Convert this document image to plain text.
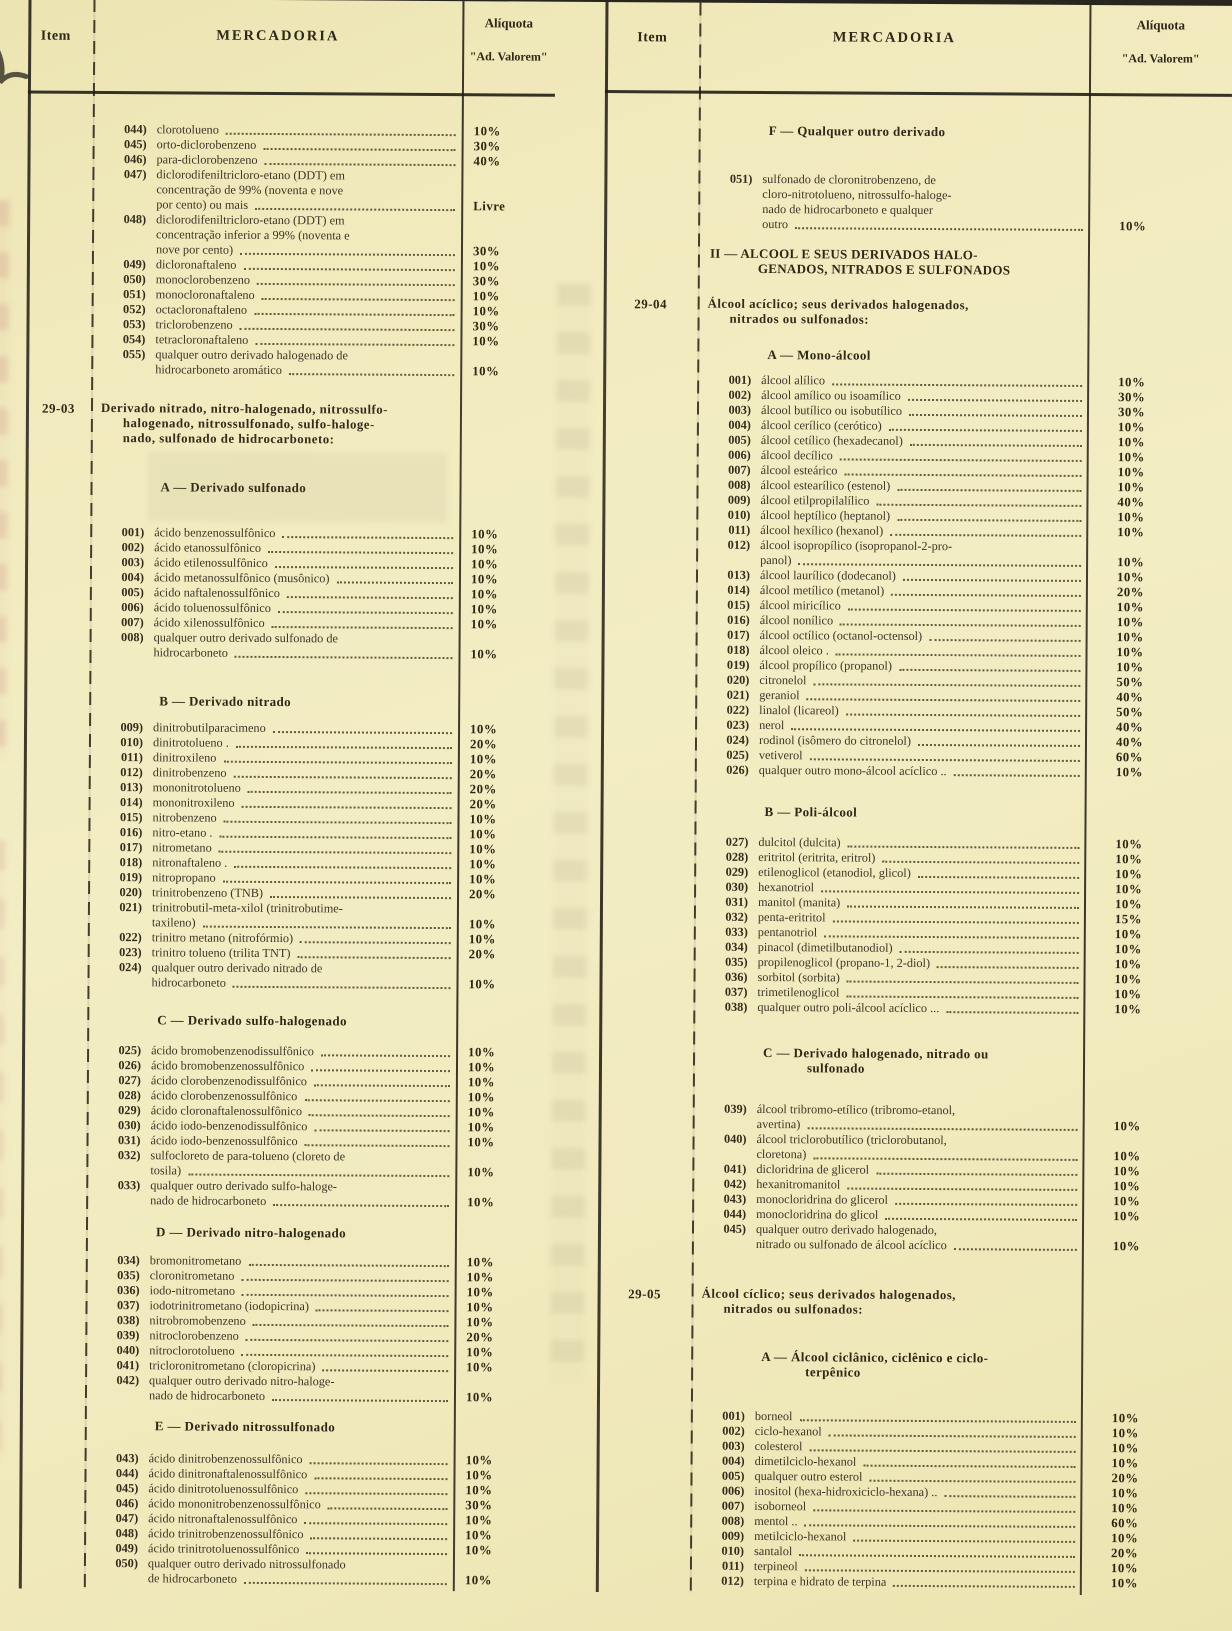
Item	MERCADORIA
Alíquota
"Ad. Valorem"
Item	MERCADORIA
Alíquota
"Ad. Valorem"
044) clorotolueno	10%
045) orto-diclorobenzeno	30%
046) para-diclorobenzeno	40%
047) diclorodifeniltricloro-etano (DDT) em
concentração de 99% (noventa e nove
por cento) ou mais	Livre
048) diclorodifeniltricloro-etano (DDT) em
concentração inferior a 99% (noventa e
nove por cento)	30%
049) dicloronaftaleno	10%
050) monoclorobenzeno	30%
051) monocloronaftaleno	10%
052) octacloronaftaleno	10%
053) triclorobenzeno	30%
054) tetracloronaftaleno	10%
055) qualquer outro derivado halogenado de
hidrocarboneto aromático	10%
29-03 Derivado nitrado, nitro-halogenado, nitrossulfo-
halogenado, nitrossulfonado, sulfo-haloge-
nado, sulfonado de hidrocarboneto:
A — Derivado sulfonado
001) ácido benzenossulfônico	10%
002) ácido etanossulfônico	10%
003) ácido etilenossulfônico	10%
004) ácido metanossulfônico (musônico)	10%
005) ácido naftalenossulfônico	10%
006) ácido toluenossulfônico	10%
007) ácido xilenossulfônico	10%
008) qualquer outro derivado sulfonado de
hidrocarboneto	10%
B — Derivado nitrado
009) dinitrobutilparacimeno	10%
010) dinitrotolueno .	20%
011) dinitroxileno	10%
012) dinitrobenzeno	20%
013) mononitrotolueno	20%
014) mononitroxileno	20%
015) nitrobenzeno	10%
016) nitro-etano .	10%
017) nitrometano	10%
018) nitronaftaleno .	10%
019) nitropropano	10%
020) trinitrobenzeno (TNB)	20%
021) trinitrobutil-meta-xilol (trinitrobutime-
taxileno)	10%
022) trinitro metano (nitrofórmio)	10%
023) trinitro tolueno (trilita TNT)	20%
024) qualquer outro derivado nitrado de
hidrocarboneto	10%
C — Derivado sulfo-halogenado
025) ácido bromobenzenodissulfônico	10%
026) ácido bromobenzenossulfônico	10%
027) ácido clorobenzenodissulfônico	10%
028) ácido clorobenzenossulfônico	10%
029) ácido cloronaftalenossulfônico	10%
030) ácido iodo-benzenodissulfônico	10%
031) ácido iodo-benzenossulfônico	10%
032) sulfocloreto de para-tolueno (cloreto de
tosila)	10%
033) qualquer outro derivado sulfo-haloge-
nado de hidrocarboneto	10%
D — Derivado nitro-halogenado
034) bromonitrometano	10%
035) cloronitrometano	10%
036) iodo-nitrometano	10%
037) iodotrinitrometano (iodopicrina)	10%
038) nitrobromobenzeno	10%
039) nitroclorobenzeno	20%
040) nitroclorotolueno	10%
041) tricloronitrometano (cloropicrina)	10%
042) qualquer outro derivado nitro-haloge-
nado de hidrocarboneto	10%
E — Derivado nitrossulfonado
043) ácido dinitrobenzenossulfônico	10%
044) ácido dinitronaftalenossulfônico	10%
045) ácido dinitrotoluenossulfônico	10%
046) ácido mononitrobenzenossulfônico	30%
047) ácido nitronaftalenossulfônico	10%
048) ácido trinitrobenzenossulfônico	10%
049) ácido trinitrotoluenossulfônico	10%
050) qualquer outro derivado nitrossulfonado
de hidrocarboneto	10%
F — Qualquer outro derivado
051) sulfonado de cloronitrobenzeno, de
cloro-nitrotolueno, nitrossulfo-haloge-
nado de hidrocarboneto e qualquer
outro	10%
II — ALCOOL E SEUS DERIVADOS HALO-
GENADOS, NITRADOS E SULFONADOS
29-04	Álcool acíclico; seus derivados halogenados,
nitrados ou sulfonados:
A — Mono-álcool
001) álcool alílico	10%
002) álcool amílico ou isoamílico	30%
003) álcool butílico ou isobutílico	30%
004) álcool cerílico (cerótico)	10%
005) álcool cetílico (hexadecanol)	10%
006) álcool decílico	10%
007) álcool esteárico	10%
008) álcool estearílico (estenol)	10%
009) álcool etilpropilalílico	40%
010) álcool heptílico (heptanol)	10%
011) álcool hexílico (hexanol)	10%
012) álcool isopropílico (isopropanol-2-pro-
panol)	10%
013) álcool laurílico (dodecanol)	10%
014) álcool metílico (metanol)	20%
015) álcool miricílico	10%
016) álcool nonílico	10%
017) álcool octílico (octanol-octensol)	10%
018) álcool oleico .	10%
019) álcool propílico (propanol)	10%
020) citronelol	50%
021) geraniol	40%
022) linalol (licareol)	50%
023) nerol	40%
024) rodinol (isômero do citronelol)	40%
025) vetiverol	60%
026) qualquer outro mono-álcool acíclico ..	10%
B — Poli-álcool
027) dulcitol (dulcita)	10%
028) eritritol (eritrita, eritrol)	10%
029) etilenoglicol (etanodiol, glicol)	10%
030) hexanotriol	10%
031) manitol (manita)	10%
032) penta-eritritol	15%
033) pentanotriol	10%
034) pinacol (dimetilbutanodiol)	10%
035) propilenoglicol (propano-1, 2-diol)	10%
036) sorbitol (sorbita)	10%
037) trimetilenoglicol	10%
038) qualquer outro poli-álcool acíclico ...	10%
C — Derivado halogenado, nitrado ou
sulfonado
039) álcool tribromo-etílico (tribromo-etanol,
avertina)	10%
040) álcool triclorobutílico (triclorobutanol,
cloretona)	10%
041) dicloridrina de glicerol	10%
042) hexanitromanitol	10%
043) monocloridrina do glicerol	10%
044) monocloridrina do glicol	10%
045) qualquer outro derivado halogenado,
nitrado ou sulfonado de álcool acíclico	10%
29-05	Álcool cíclico; seus derivados halogenados,
nitrados ou sulfonados:
A — Álcool ciclânico, ciclênico e ciclo-
terpênico
001) borneol	10%
002) ciclo-hexanol	10%
003) colesterol	10%
004) dimetilciclo-hexanol	10%
005) qualquer outro esterol	20%
006) inositol (hexa-hidroxiciclo-hexana) ..	10%
007) isoborneol	10%
008) mentol ..	60%
009) metilciclo-hexanol	10%
010) santalol	20%
011) terpineol	10%
012) terpina e hidrato de terpina	10%
